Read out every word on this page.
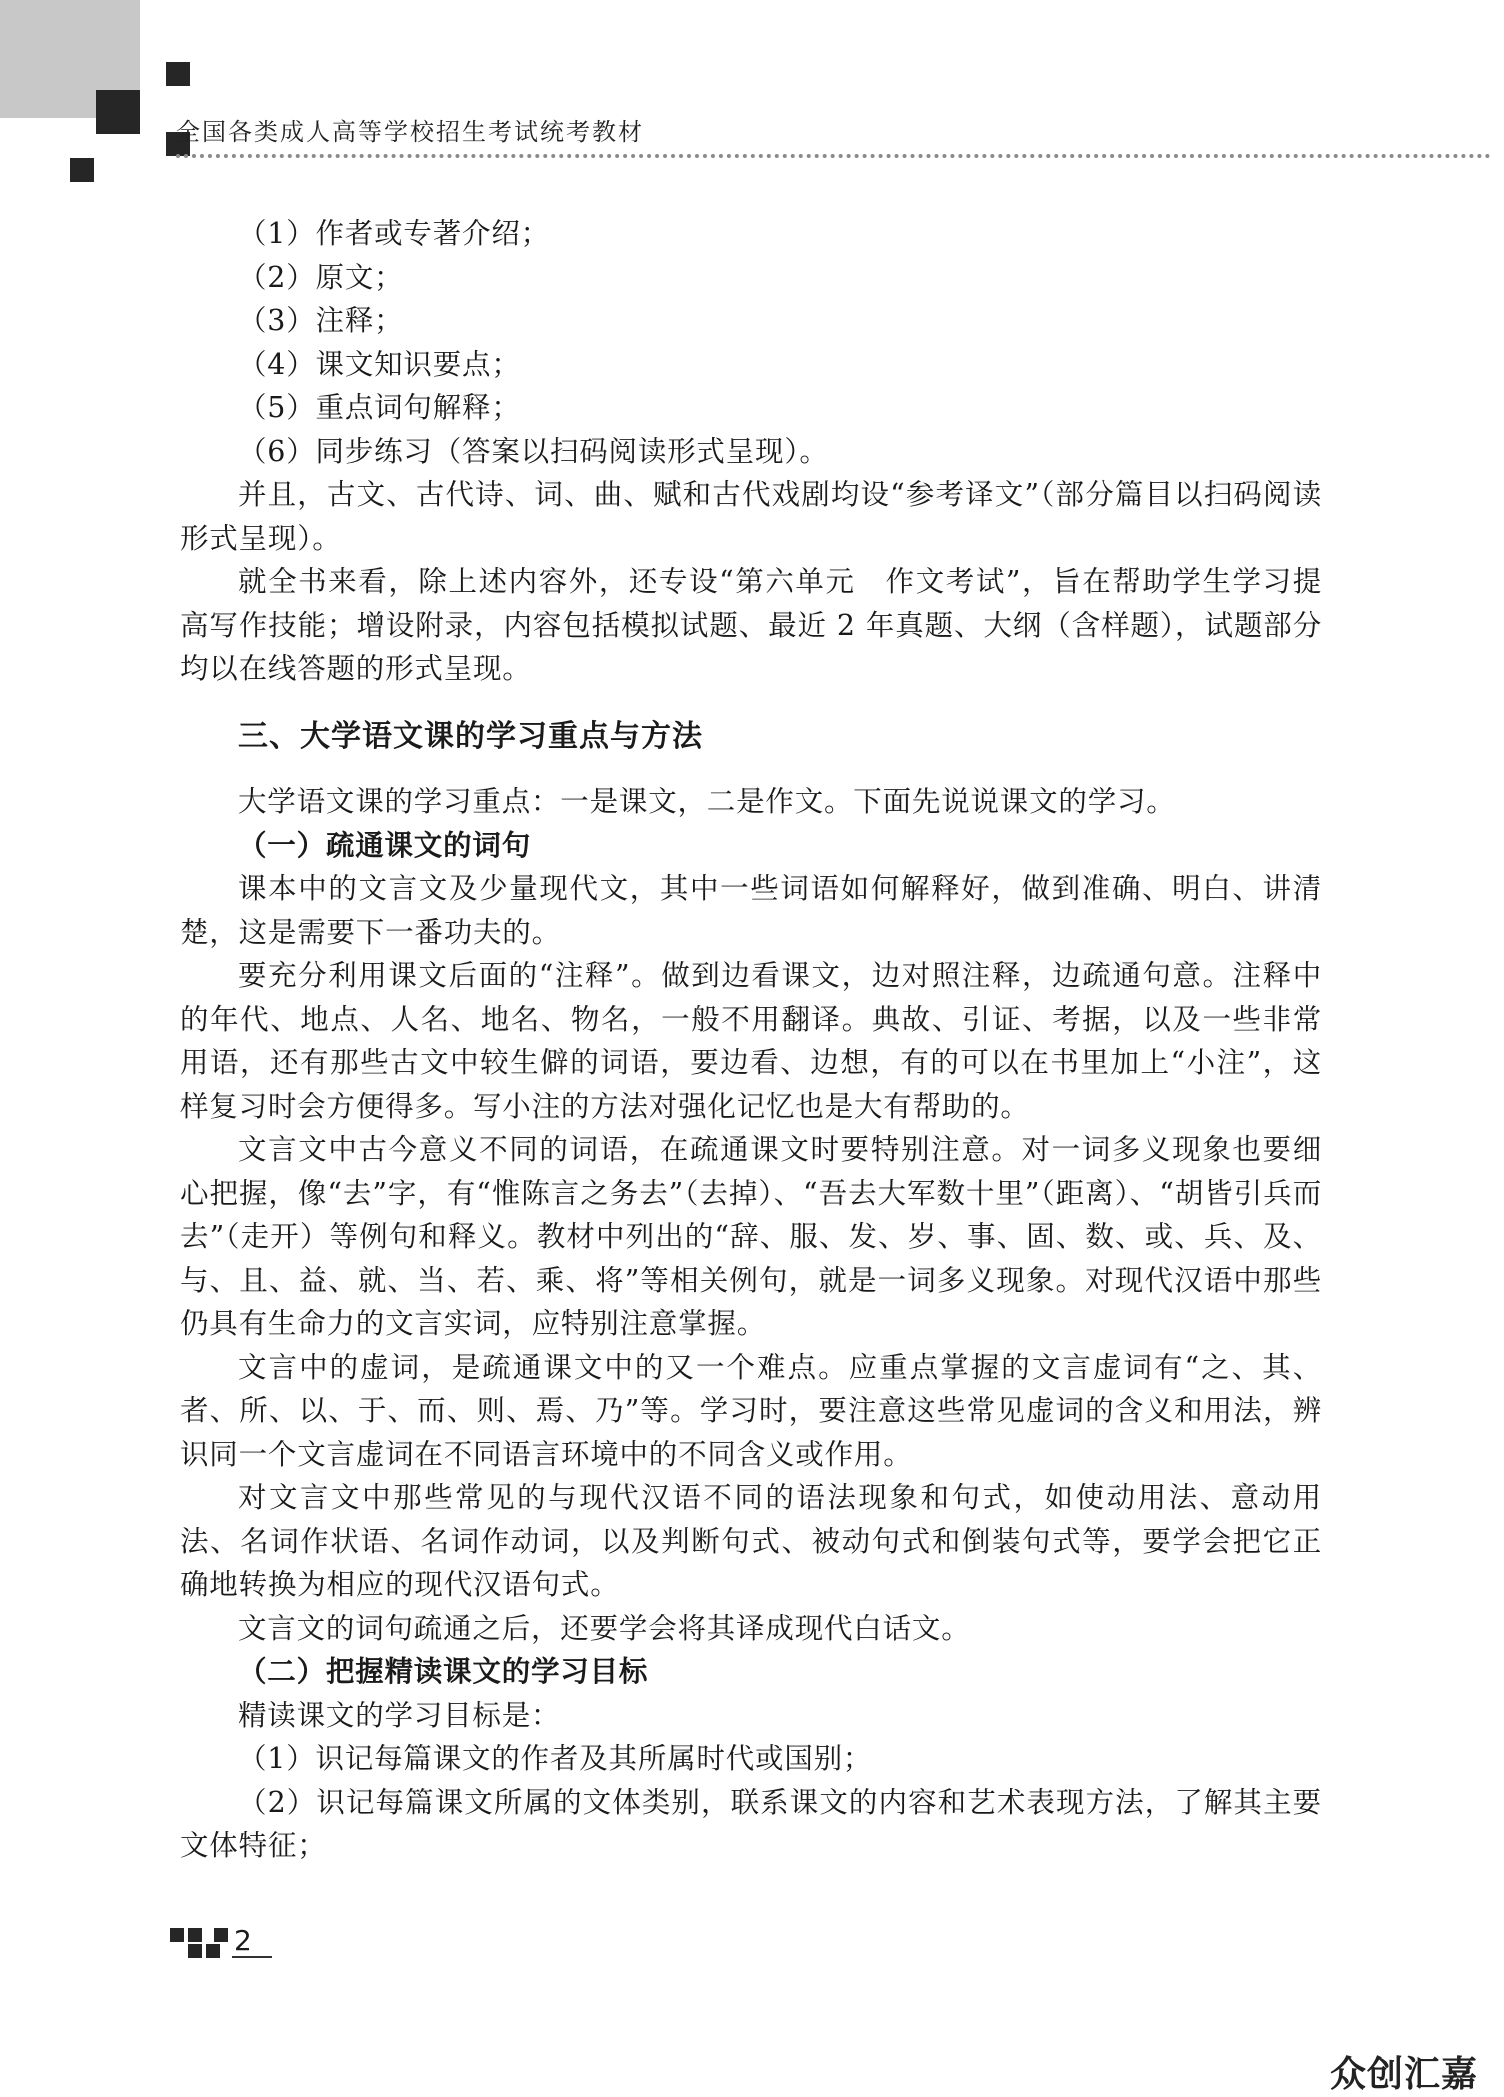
全国各类成人高等学校招生考试统考教材

（1）作者或专著介绍；

（2）原文；

（3）注释；

（4）课文知识要点；

（5）重点词句解释；

（6）同步练习（答案以扫码阅读形式呈现）。

并且，古文、古代诗、词、曲、赋和古代戏剧均设“参考译文”（部分篇目以扫码阅读形式呈现）。

就全书来看，除上述内容外，还专设“第六单元　作文考试”，旨在帮助学生学习提高写作技能；增设附录，内容包括模拟试题、最近 2 年真题、大纲（含样题），试题部分均以在线答题的形式呈现。

三、大学语文课的学习重点与方法

大学语文课的学习重点：一是课文，二是作文。下面先说说课文的学习。

（一）疏通课文的词句

课本中的文言文及少量现代文，其中一些词语如何解释好，做到准确、明白、讲清楚，这是需要下一番功夫的。

要充分利用课文后面的“注释”。做到边看课文，边对照注释，边疏通句意。注释中的年代、地点、人名、地名、物名，一般不用翻译。典故、引证、考据，以及一些非常用语，还有那些古文中较生僻的词语，要边看、边想，有的可以在书里加上“小注”，这样复习时会方便得多。写小注的方法对强化记忆也是大有帮助的。

文言文中古今意义不同的词语，在疏通课文时要特别注意。对一词多义现象也要细心把握，像“去”字，有“惟陈言之务去”（去掉）、“吾去大军数十里”（距离）、“胡皆引兵而去”（走开）等例句和释义。教材中列出的“辞、服、发、岁、事、固、数、或、兵、及、与、且、益、就、当、若、乘、将”等相关例句，就是一词多义现象。对现代汉语中那些仍具有生命力的文言实词，应特别注意掌握。

文言中的虚词，是疏通课文中的又一个难点。应重点掌握的文言虚词有“之、其、者、所、以、于、而、则、焉、乃”等。学习时，要注意这些常见虚词的含义和用法，辨识同一个文言虚词在不同语言环境中的不同含义或作用。

对文言文中那些常见的与现代汉语不同的语法现象和句式，如使动用法、意动用法、名词作状语、名词作动词，以及判断句式、被动句式和倒装句式等，要学会把它正确地转换为相应的现代汉语句式。

文言文的词句疏通之后，还要学会将其译成现代白话文。

（二）把握精读课文的学习目标

精读课文的学习目标是：

（1）识记每篇课文的作者及其所属时代或国别；

（2）识记每篇课文所属的文体类别，联系课文的内容和艺术表现方法，了解其主要文体特征；

2
众创汇嘉
